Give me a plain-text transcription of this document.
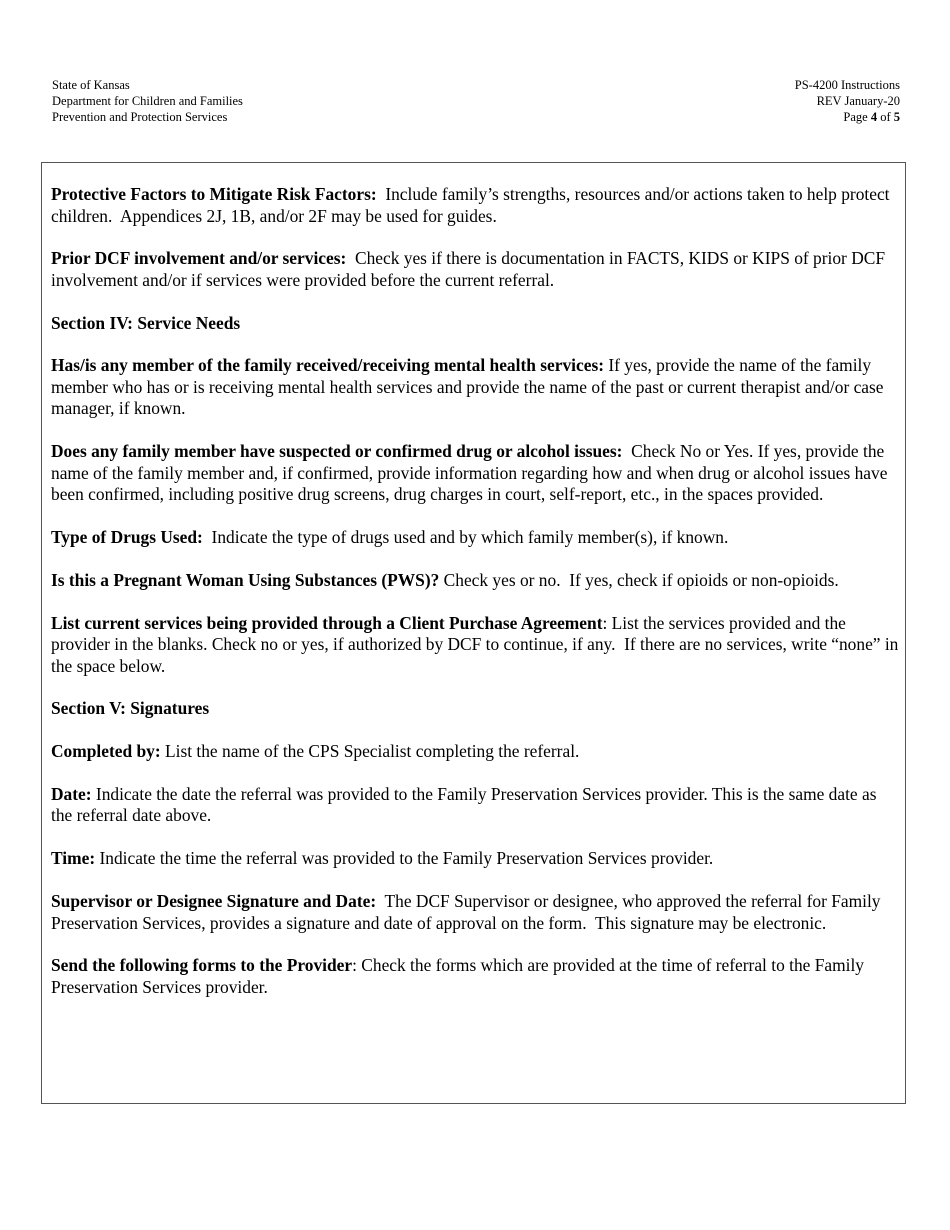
State of Kansas
Department for Children and Families
Prevention and Protection Services
PS-4200 Instructions
REV January-20
Page 4 of 5

Protective Factors to Mitigate Risk Factors:  Include family’s strengths, resources and/or actions taken to help protect children.  Appendices 2J, 1B, and/or 2F may be used for guides.

Prior DCF involvement and/or services:  Check yes if there is documentation in FACTS, KIDS or KIPS of prior DCF involvement and/or if services were provided before the current referral.

Section IV: Service Needs

Has/is any member of the family received/receiving mental health services: If yes, provide the name of the family member who has or is receiving mental health services and provide the name of the past or current therapist and/or case manager, if known.

Does any family member have suspected or confirmed drug or alcohol issues:  Check No or Yes. If yes, provide the name of the family member and, if confirmed, provide information regarding how and when drug or alcohol issues have been confirmed, including positive drug screens, drug charges in court, self-report, etc., in the spaces provided.

Type of Drugs Used:  Indicate the type of drugs used and by which family member(s), if known.

Is this a Pregnant Woman Using Substances (PWS)? Check yes or no.  If yes, check if opioids or non-opioids.

List current services being provided through a Client Purchase Agreement: List the services provided and the provider in the blanks. Check no or yes, if authorized by DCF to continue, if any.  If there are no services, write “none” in the space below.

Section V: Signatures

Completed by: List the name of the CPS Specialist completing the referral.

Date: Indicate the date the referral was provided to the Family Preservation Services provider. This is the same date as the referral date above.

Time: Indicate the time the referral was provided to the Family Preservation Services provider.

Supervisor or Designee Signature and Date:  The DCF Supervisor or designee, who approved the referral for Family Preservation Services, provides a signature and date of approval on the form.  This signature may be electronic.

Send the following forms to the Provider: Check the forms which are provided at the time of referral to the Family Preservation Services provider.
